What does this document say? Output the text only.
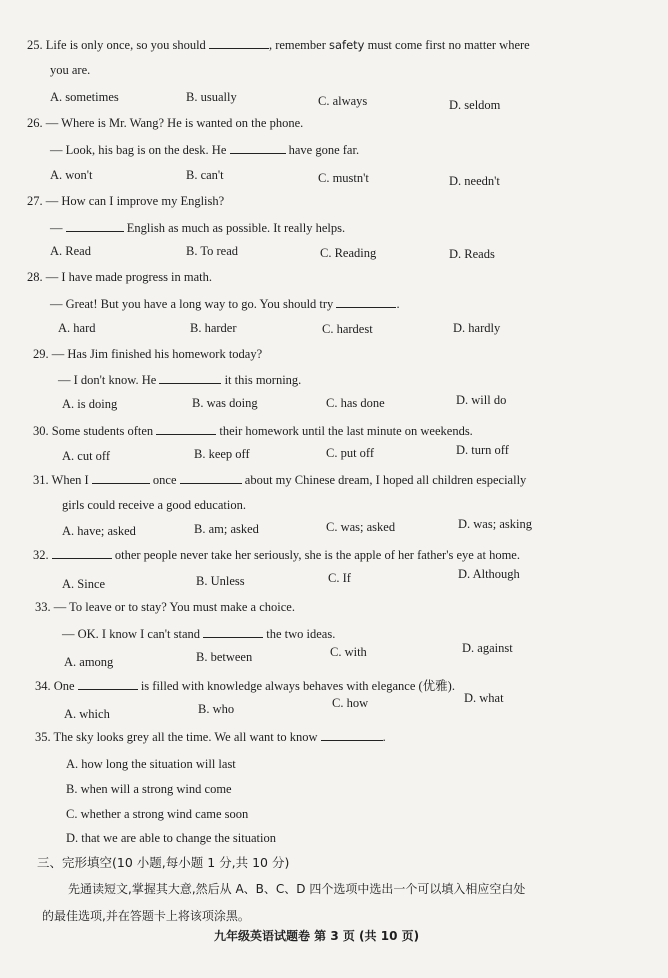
25. Life is only once, so you should	, remember safety must come first no matter where
you are.
A. sometimes	B. usually	C. always	D. seldom
26. — Where is Mr. Wang? He is wanted on the phone.
— Look, his bag is on the desk. He	have gone far.
A. won't	B. can't	C. mustn't	D. needn't
27. — How can I improve my English?
—	English as much as possible. It really helps.
A. Read	B. To read	C. Reading	D. Reads
28. — I have made progress in math.
— Great! But you have a long way to go. You should try	.
A. hard	B. harder	C. hardest	D. hardly
29. — Has Jim finished his homework today?
— I don't know. He	it this morning.
A. is doing	B. was doing	C. has done	D. will do
30. Some students often	their homework until the last minute on weekends.
A. cut off	B. keep off	C. put off	D. turn off
31. When I	once	about my Chinese dream, I hoped all children especially
girls could receive a good education.
A. have; asked	B. am; asked	C. was; asked	D. was; asking
32.	other people never take her seriously, she is the apple of her father's eye at home.
A. Since	B. Unless	C. If	D. Although
33. — To leave or to stay? You must make a choice.
— OK. I know I can't stand	the two ideas.
A. among	B. between	C. with	D. against
34. One	is filled with knowledge always behaves with elegance (优雅).
A. which	B. who	C. how	D. what
35. The sky looks grey all the time. We all want to know	.
A. how long the situation will last
B. when will a strong wind come
C. whether a strong wind came soon
D. that we are able to change the situation
三、完形填空(10 小题,每小题 1 分,共 10 分)
先通读短文,掌握其大意,然后从 A、B、C、D 四个选项中选出一个可以填入相应空白处
的最佳选项,并在答题卡上将该项涂黑。
九年级英语试题卷 第 3 页 (共 10 页)
